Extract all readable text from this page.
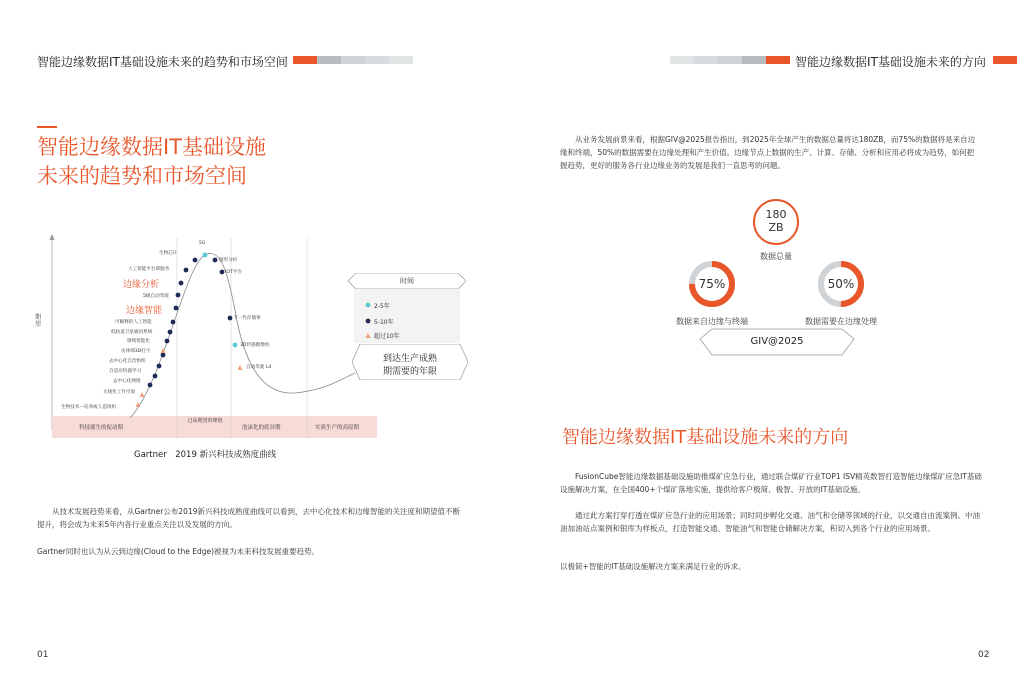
智能边缘数据IT基础设施未来的趋势和市场空间	智能边缘数据IT基础设施未来的方向
智能边缘数据IT基础设施
未来的趋势和市场空间
期望
生物芯片
5G
图形分析
人工智能平台即服务
IOT平台
边缘分析
5级自动驾驶
边缘智能
下一代存储事
可解释的人工智能
低轨道卫星通讯系统
情绪智能化
3D传感摄像机
仿体细3D打字
去中心化自治组织
自动驾驶 L4
自适应机器学习
去中心化网络
无线化工作空间
生物技术—培养或人造组织
科技诞生的促动期
过高期望的峰值
泡沫化的底谷期	实质生产的高原期
时间
2-5年
5-10年
超过10年
到达生产成熟
期需要的年限
Gartner　2019 新兴科技成熟度曲线
从技术发展趋势来看，从Gartner公布2019新兴科技成熟度曲线可以看到，去中心化技术和边缘智能的关注度和期望值不断提升，将会成为未来5年内各行业重点关注以及发展的方向。
Gartner同时也认为从云到边缘(Cloud to the Edge)被视为未来科技发展重要趋势。
01
从业务发展前景来看，根据GIV@2025报告指出，到2025年全球产生的数据总量将达180ZB，而75%的数据将是来自边缘和终端，50%的数据需要在边缘处理和产生价值。边缘节点上数据的生产、计算、存储、分析和应用必将成为趋势，如何把握趋势，更好的服务各行业边缘业务的发展是我们一直思考的问题。
180
ZB
数据总量
75%	50%
数据来自边缘与终端	数据需要在边缘处理
GIV@2025
智能边缘数据IT基础设施未来的方向
FusionCube智能边缘数据基础设施助推煤矿应急行业，通过联合煤矿行业TOP1 ISV精英数智打造智能边缘煤矿应急IT基础设施解决方案，在全国400+个煤矿落地实施，提供给客户极简、极智、开放的IT基础设施。
通过此方案打穿打透在煤矿应急行业的应用场景；同时同步孵化交通、油气和仓储等领域的行业，以交通自由流案例、中油油加油站点案例和银库为样板点，打造智能交通、智能油气和智能仓储解决方案，积切入到各个行业的应用场景。
以极简+智能的IT基础设施解决方案来满足行业的诉求。
02
